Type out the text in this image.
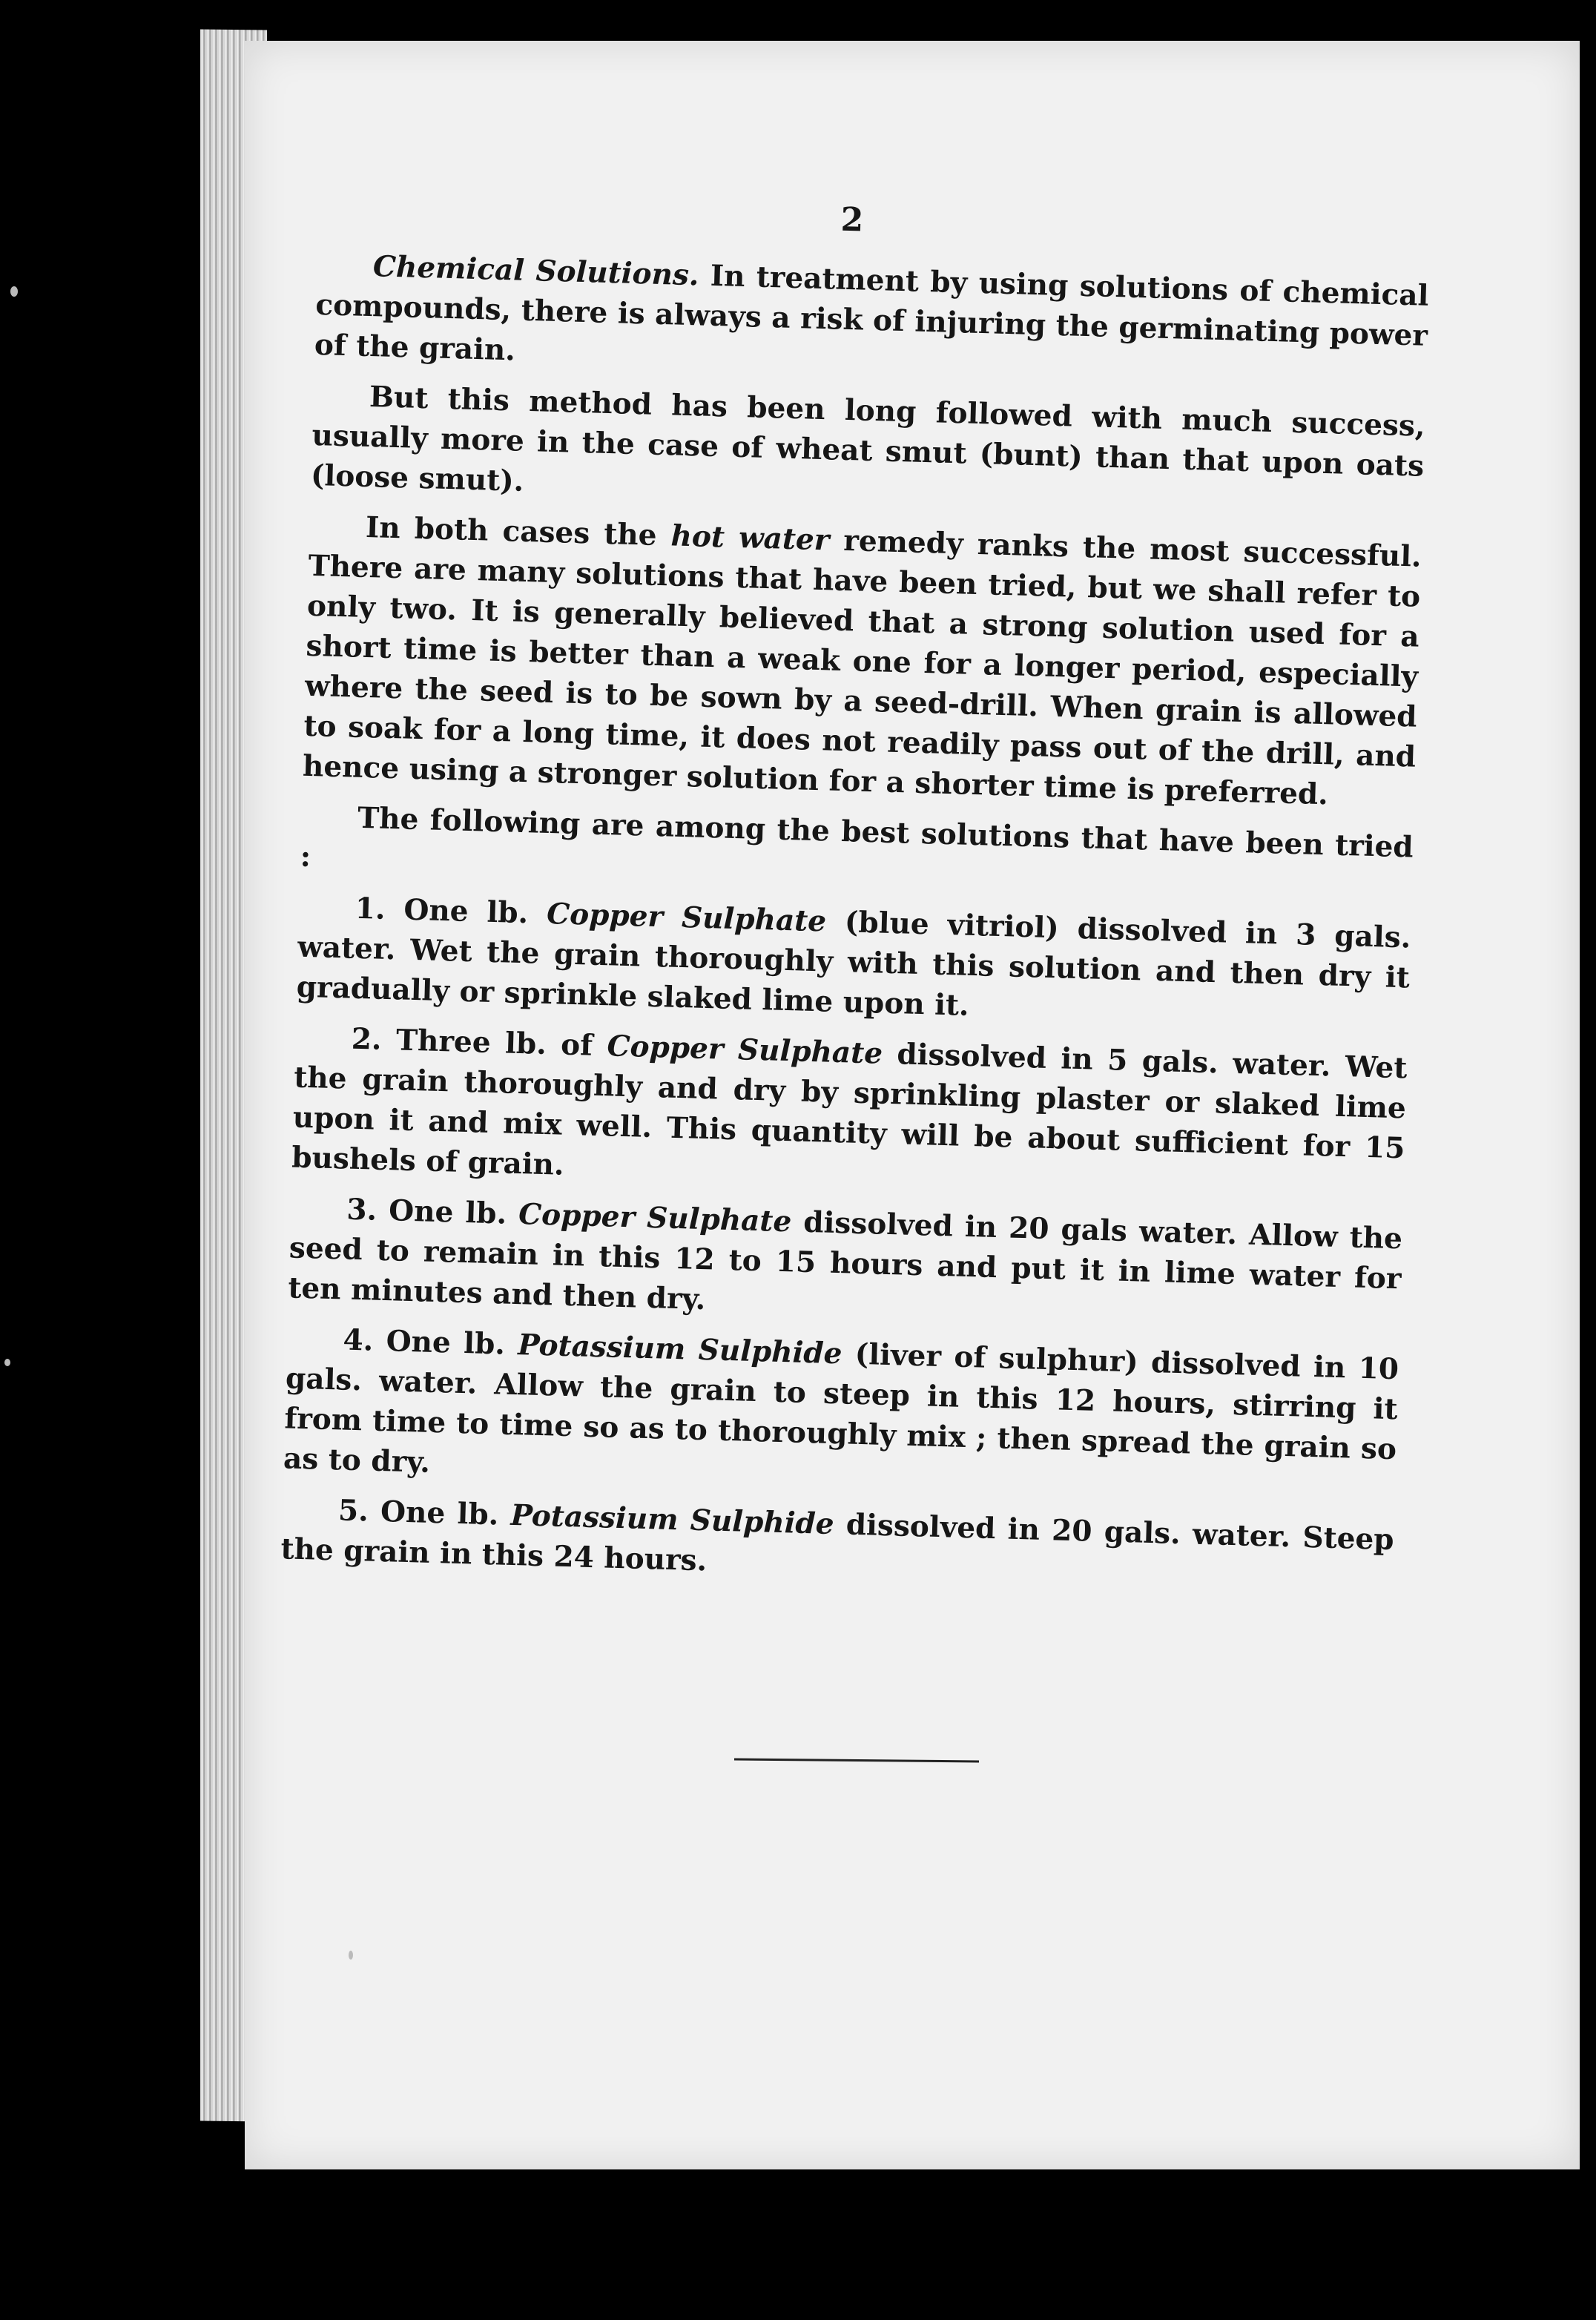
2

Chemical Solutions. In treatment by using solutions of chemical compounds, there is always a risk of injuring the germinating power of the grain.

But this method has been long followed with much success, usually more in the case of wheat smut (bunt) than that upon oats (loose smut).

In both cases the hot water remedy ranks the most successful. There are many solutions that have been tried, but we shall refer to only two. It is generally believed that a strong solution used for a short time is better than a weak one for a longer period, especially where the seed is to be sown by a seed-drill. When grain is allowed to soak for a long time, it does not readily pass out of the drill, and hence using a stronger solution for a shorter time is preferred.

The following are among the best solutions that have been tried :

1. One lb. Copper Sulphate (blue vitriol) dissolved in 3 gals. water. Wet the grain thoroughly with this solution and then dry it gradually or sprinkle slaked lime upon it.

2. Three lb. of Copper Sulphate dissolved in 5 gals. water. Wet the grain thoroughly and dry by sprinkling plaster or slaked lime upon it and mix well. This quantity will be about sufficient for 15 bushels of grain.

3. One lb. Copper Sulphate dissolved in 20 gals water. Allow the seed to remain in this 12 to 15 hours and put it in lime water for ten minutes and then dry.

4. One lb. Potassium Sulphide (liver of sulphur) dissolved in 10 gals. water. Allow the grain to steep in this 12 hours, stirring it from time to time so as to thoroughly mix ; then spread the grain so as to dry.

5. One lb. Potassium Sulphide dissolved in 20 gals. water. Steep the grain in this 24 hours.
